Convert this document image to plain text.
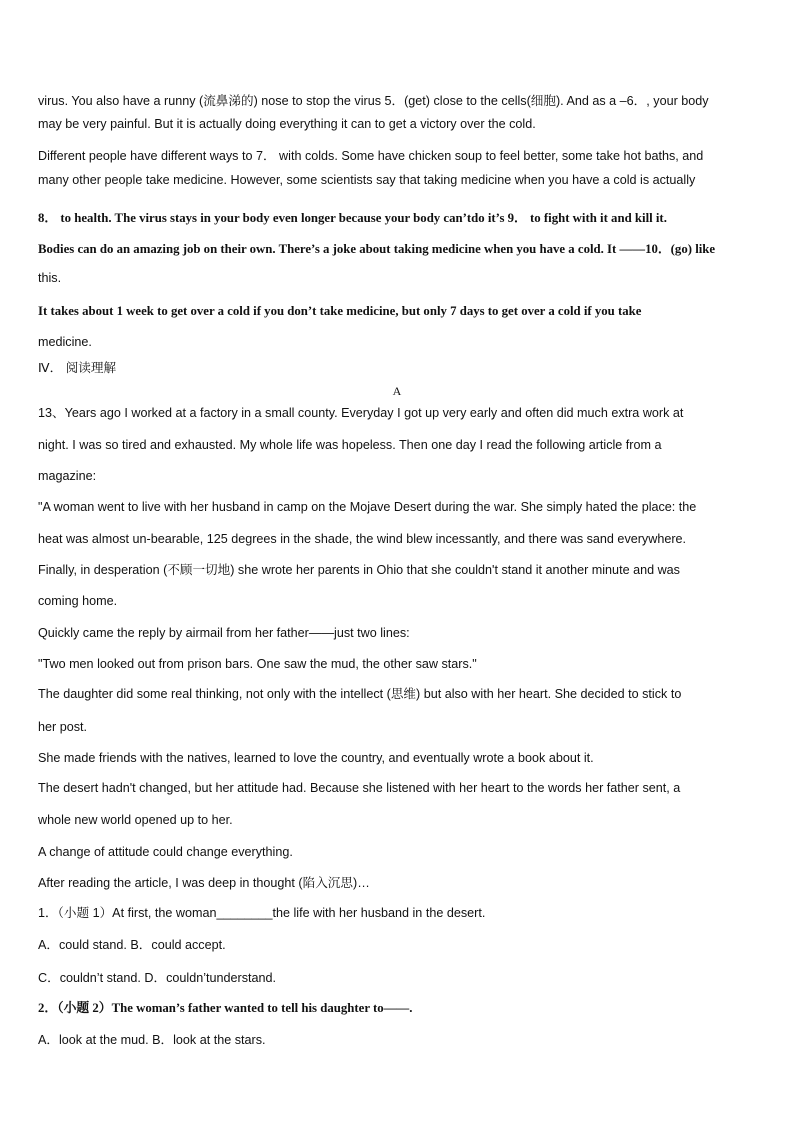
virus. You also have a runny (流鼻涕的) nose to stop the virus 5．(get) close to the cells(细胞). And as a –6．, your body
may be very painful. But it is actually doing everything it can to get a victory over the cold.
Different people have different ways to 7． with colds. Some have chicken soup to feel better, some take hot baths, and
many other people take medicine. However, some scientists say that taking medicine when you have a cold is actually
8． to health. The virus stays in your body even longer because your body can’tdo it’s 9． to fight with it and kill it.
Bodies can do an amazing job on their own. There’s a joke about taking medicine when you have a cold. It ——10．(go) like
this.
It takes about 1 week to get over a cold if you don’t take medicine, but only 7 days to get over a cold if you take
medicine.
Ⅳ． 阅读理解
A
13、Years ago I worked at a factory in a small county. Everyday I got up very early and often did much extra work at
night. I was so tired and exhausted. My whole life was hopeless. Then one day I read the following article from a
magazine:
"A woman went to live with her husband in camp on the Mojave Desert during the war. She simply hated the place: the
heat was almost un-bearable, 125 degrees in the shade, the wind blew incessantly, and there was sand everywhere.
Finally, in desperation (不顾一切地) she wrote her parents in Ohio that she couldn't stand it another minute and was
coming home.
Quickly came the reply by airmail from her father——just two lines:
"Two men looked out from prison bars. One saw the mud, the other saw stars."
The daughter did some real thinking, not only with the intellect (思维) but also with her heart. She decided to stick to
her post.
She made friends with the natives, learned to love the country, and eventually wrote a book about it.
The desert hadn't changed, but her attitude had. Because she listened with her heart to the words her father sent, a
whole new world opened up to her.
A change of attitude could change everything.
After reading the article, I was deep in thought (陷入沉思)…
1．（小题 1）At first, the woman________the life with her husband in the desert.
A．could stand. B．could accept.
C．couldn’t stand. D．couldn’tunderstand.
2．（小题 2）The woman’s father wanted to tell his daughter to——.
A．look at the mud. B．look at the stars.
